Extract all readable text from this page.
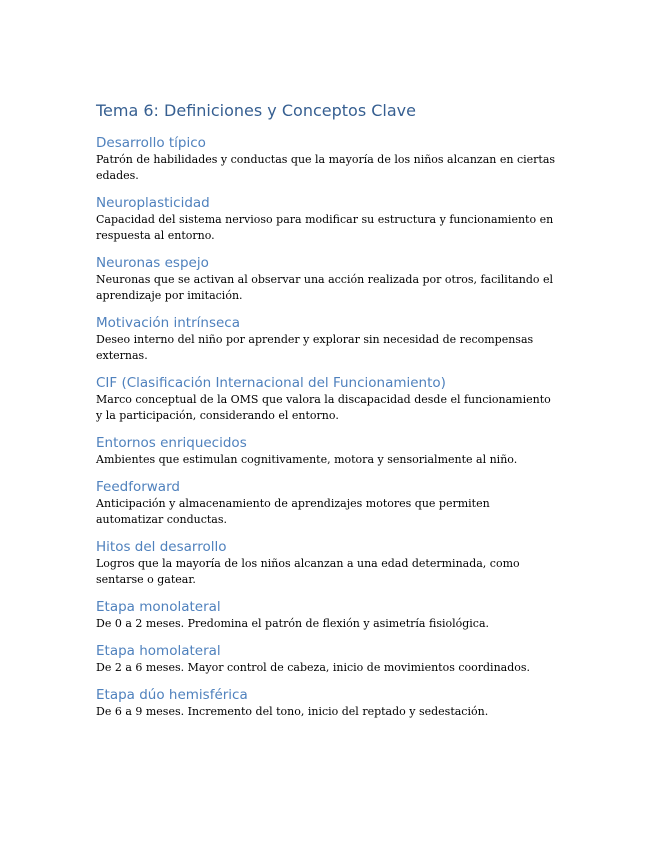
Tema 6: Definiciones y Conceptos Clave
Desarrollo típico

Patrón de habilidades y conductas que la mayoría de los niños alcanzan en ciertas edades.

Neuroplasticidad

Capacidad del sistema nervioso para modificar su estructura y funcionamiento en respuesta al entorno.

Neuronas espejo

Neuronas que se activan al observar una acción realizada por otros, facilitando el aprendizaje por imitación.

Motivación intrínseca

Deseo interno del niño por aprender y explorar sin necesidad de recompensas externas.

CIF (Clasificación Internacional del Funcionamiento)

Marco conceptual de la OMS que valora la discapacidad desde el funcionamiento y la participación, considerando el entorno.

Entornos enriquecidos

Ambientes que estimulan cognitivamente, motora y sensorialmente al niño.

Feedforward

Anticipación y almacenamiento de aprendizajes motores que permiten automatizar conductas.

Hitos del desarrollo

Logros que la mayoría de los niños alcanzan a una edad determinada, como sentarse o gatear.

Etapa monolateral

De 0 a 2 meses. Predomina el patrón de flexión y asimetría fisiológica.

Etapa homolateral

De 2 a 6 meses. Mayor control de cabeza, inicio de movimientos coordinados.

Etapa dúo hemisférica

De 6 a 9 meses. Incremento del tono, inicio del reptado y sedestación.
